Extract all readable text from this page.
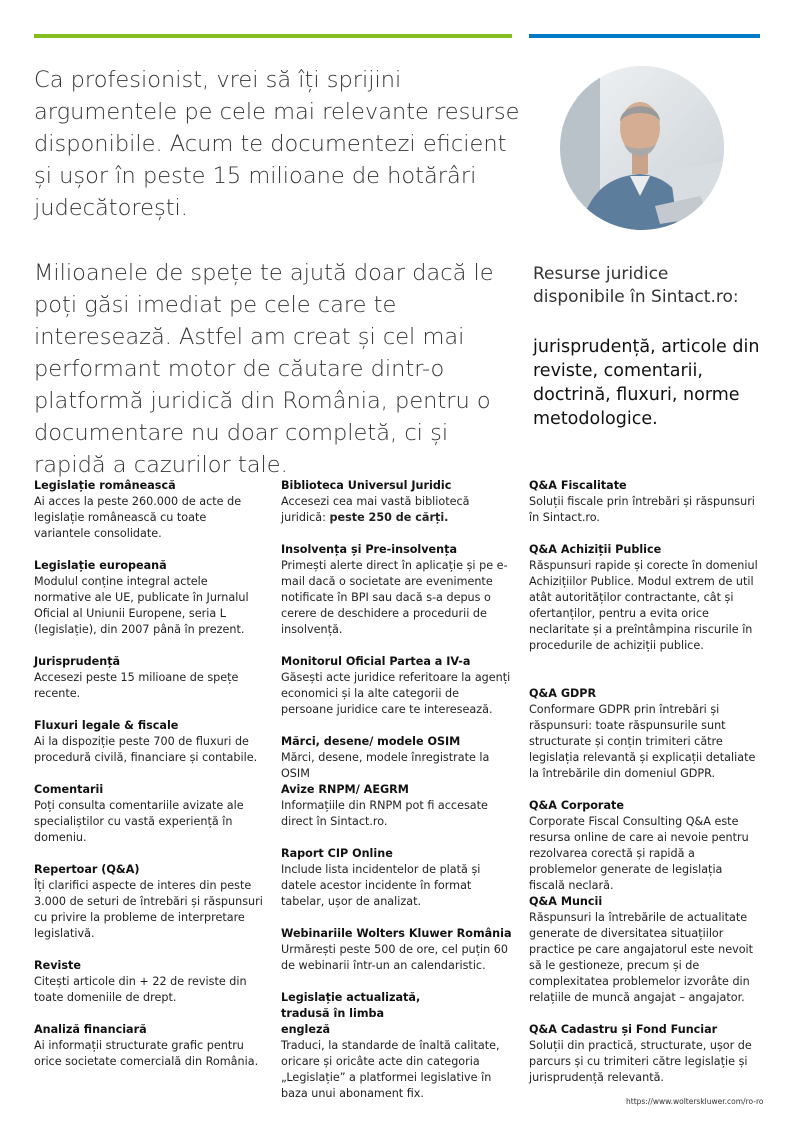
Ca profesionist, vrei să îți sprijini argumentele pe cele mai relevante resurse disponibile. Acum te documentezi eficient și ușor în peste 15 milioane de hotărâri judecătorești.

Milioanele de spețe te ajută doar dacă le poți găsi imediat pe cele care te interesează. Astfel am creat și cel mai performant motor de căutare dintr-o platformă juridică din România, pentru o documentare nu doar completă, ci și rapidă a cazurilor tale.

Resurse juridice disponibile în Sintact.ro:

jurisprudență, articole din reviste, comentarii, doctrină, fluxuri, norme metodologice.

Legislație românească

Ai acces la peste 260.000 de acte de legislație românească cu toate variantele consolidate.

Legislație europeană

Modulul conține integral actele normative ale UE, publicate în Jurnalul Oficial al Uniunii Europene, seria L (legislație), din 2007 până în prezent.

Jurisprudență

Accesezi peste 15 milioane de spețe recente.

Fluxuri legale & fiscale

Ai la dispoziție peste 700 de fluxuri de procedură civilă, financiare și contabile.

Comentarii

Poți consulta comentariile avizate ale specialiștilor cu vastă experiență în domeniu.

Repertoar (Q&A)

Îți clarifici aspecte de interes din peste 3.000 de seturi de întrebări și răspunsuri cu privire la probleme de interpretare legislativă.

Reviste

Citești articole din + 22 de reviste din toate domeniile de drept.

Analiză financiară

Ai informații structurate grafic pentru orice societate comercială din România.

Biblioteca Universul Juridic

Accesezi cea mai vastă bibliotecă juridică: peste 250 de cărți.

Insolvența și Pre-insolvența

Primești alerte direct în aplicație și pe e-mail dacă o societate are evenimente notificate în BPI sau dacă s-a depus o cerere de deschidere a procedurii de insolvență.

Monitorul Oficial Partea a IV-a

Găsești acte juridice referitoare la agenți economici și la alte categorii de persoane juridice care te interesează.

Mărci, desene/ modele OSIM

Mărci, desene, modele înregistrate la OSIM

Avize RNPM/ AEGRM

Informațiile din RNPM pot fi accesate direct în Sintact.ro.

Raport CIP Online

Include lista incidentelor de plată și datele acestor incidente în format tabelar, ușor de analizat.

Webinariile Wolters Kluwer România

Urmărești peste 500 de ore, cel puțin 60 de webinarii într-un an calendaristic.

Legislație actualizată, tradusă în limba engleză

Traduci, la standarde de înaltă calitate, oricare și oricâte acte din categoria „Legislație” a platformei legislative în baza unui abonament fix.

Q&A Fiscalitate

Soluții fiscale prin întrebări și răspunsuri în Sintact.ro.

Q&A Achiziții Publice

Răspunsuri rapide și corecte în domeniul Achizițiilor Publice. Modul extrem de util atât autorităților contractante, cât și ofertanților, pentru a evita orice neclaritate și a preîntâmpina riscurile în procedurile de achiziții publice.

Q&A GDPR

Conformare GDPR prin întrebări și răspunsuri: toate răspunsurile sunt structurate și conțin trimiteri către legislația relevantă și explicații detaliate la întrebările din domeniul GDPR.

Q&A Corporate

Corporate Fiscal Consulting Q&A este resursa online de care ai nevoie pentru rezolvarea corectă și rapidă a problemelor generate de legislația fiscală neclară.

Q&A Muncii

Răspunsuri la întrebările de actualitate generate de diversitatea situațiilor practice pe care angajatorul este nevoit să le gestioneze, precum și de complexitatea problemelor izvorâte din relațiile de muncă angajat – angajator.

Q&A Cadastru și Fond Funciar

Soluții din practică, structurate, ușor de parcurs și cu trimiteri către legislație și jurisprudență relevantă.

https://www.wolterskluwer.com/ro-ro
